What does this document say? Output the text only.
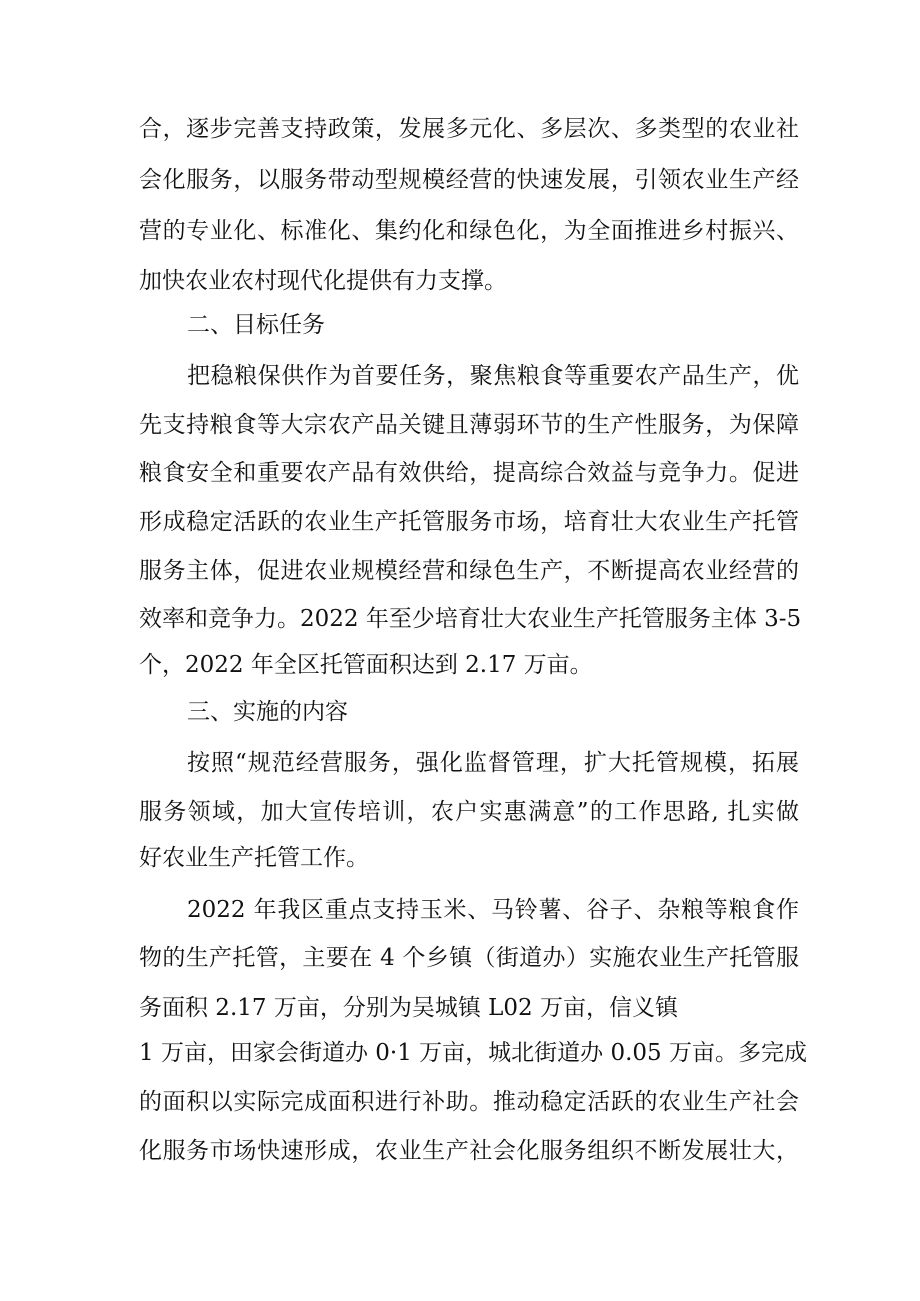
合，逐步完善支持政策，发展多元化、多层次、多类型的农业社
会化服务，以服务带动型规模经营的快速发展，引领农业生产经
营的专业化、标准化、集约化和绿色化，为全面推进乡村振兴、
加快农业农村现代化提供有力支撑。
二、目标任务
把稳粮保供作为首要任务，聚焦粮食等重要农产品生产，优
先支持粮食等大宗农产品关键且薄弱环节的生产性服务，为保障
粮食安全和重要农产品有效供给，提高综合效益与竞争力。促进
形成稳定活跃的农业生产托管服务市场，培育壮大农业生产托管
服务主体，促进农业规模经营和绿色生产，不断提高农业经营的
效率和竞争力。2022 年至少培育壮大农业生产托管服务主体 3-5
个，2022 年全区托管面积达到 2.17 万亩。
三、实施的内容
按照“规范经营服务，强化监督管理，扩大托管规模，拓展
服务领域，加大宣传培训，农户实惠满意”的工作思路, 扎实做
好农业生产托管工作。
2022 年我区重点支持玉米、马铃薯、谷子、杂粮等粮食作
物的生产托管，主要在 4 个乡镇（街道办）实施农业生产托管服
务面积 2.17 万亩，分别为吴城镇 L02 万亩，信义镇
1 万亩，田家会街道办 0·1 万亩，城北街道办 0.05 万亩。多完成
的面积以实际完成面积进行补助。推动稳定活跃的农业生产社会
化服务市场快速形成，农业生产社会化服务组织不断发展壮大，
